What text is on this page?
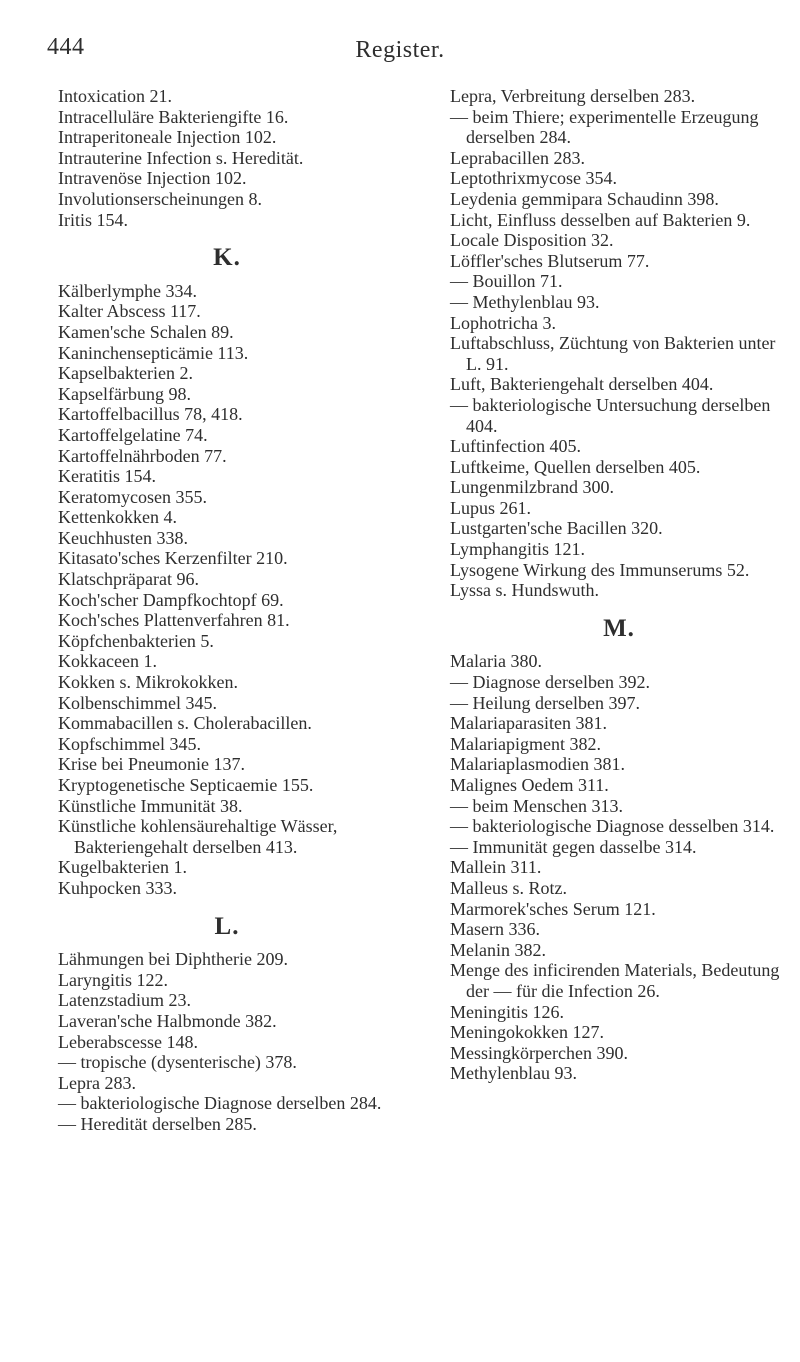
444	Register.
Intoxication 21.
Intracelluläre Bakteriengifte 16.
Intraperitoneale Injection 102.
Intrauterine Infection s. Heredität.
Intravenöse Injection 102.
Involutionserscheinungen 8.
Iritis 154.
K.
Kälberlymphe 334.
Kalter Abscess 117.
Kamen'sche Schalen 89.
Kaninchensepticämie 113.
Kapselbakterien 2.
Kapselfärbung 98.
Kartoffelbacillus 78, 418.
Kartoffelgelatine 74.
Kartoffelnährboden 77.
Keratitis 154.
Keratomycosen 355.
Kettenkokken 4.
Keuchhusten 338.
Kitasato'sches Kerzenfilter 210.
Klatschpräparat 96.
Koch'scher Dampfkochtopf 69.
Koch'sches Plattenverfahren 81.
Köpfchenbakterien 5.
Kokkaceen 1.
Kokken s. Mikrokokken.
Kolbenschimmel 345.
Kommabacillen s. Cholerabacillen.
Kopfschimmel 345.
Krise bei Pneumonie 137.
Kryptogenetische Septicaemie 155.
Künstliche Immunität 38.
Künstliche kohlensäurehaltige Wässer, Bakteriengehalt derselben 413.
Kugelbakterien 1.
Kuhpocken 333.
L.
Lähmungen bei Diphtherie 209.
Laryngitis 122.
Latenzstadium 23.
Laveran'sche Halbmonde 382.
Leberabscesse 148.
— tropische (dysenterische) 378.
Lepra 283.
— bakteriologische Diagnose derselben 284.
— Heredität derselben 285.
Lepra, Verbreitung derselben 283.
— beim Thiere; experimentelle Erzeugung derselben 284.
Leprabacillen 283.
Leptothrixmycose 354.
Leydenia gemmipara Schaudinn 398.
Licht, Einfluss desselben auf Bakterien 9.
Locale Disposition 32.
Löffler'sches Blutserum 77.
— Bouillon 71.
— Methylenblau 93.
Lophotricha 3.
Luftabschluss, Züchtung von Bakterien unter L. 91.
Luft, Bakteriengehalt derselben 404.
— bakteriologische Untersuchung derselben 404.
Luftinfection 405.
Luftkeime, Quellen derselben 405.
Lungenmilzbrand 300.
Lupus 261.
Lustgarten'sche Bacillen 320.
Lymphangitis 121.
Lysogene Wirkung des Immunserums 52.
Lyssa s. Hundswuth.
M.
Malaria 380.
— Diagnose derselben 392.
— Heilung derselben 397.
Malariaparasiten 381.
Malariapigment 382.
Malariaplasmodien 381.
Malignes Oedem 311.
— beim Menschen 313.
— bakteriologische Diagnose desselben 314.
— Immunität gegen dasselbe 314.
Mallein 311.
Malleus s. Rotz.
Marmorek'sches Serum 121.
Masern 336.
Melanin 382.
Menge des inficirenden Materials, Bedeutung der — für die Infection 26.
Meningitis 126.
Meningokokken 127.
Messingkörperchen 390.
Methylenblau 93.
